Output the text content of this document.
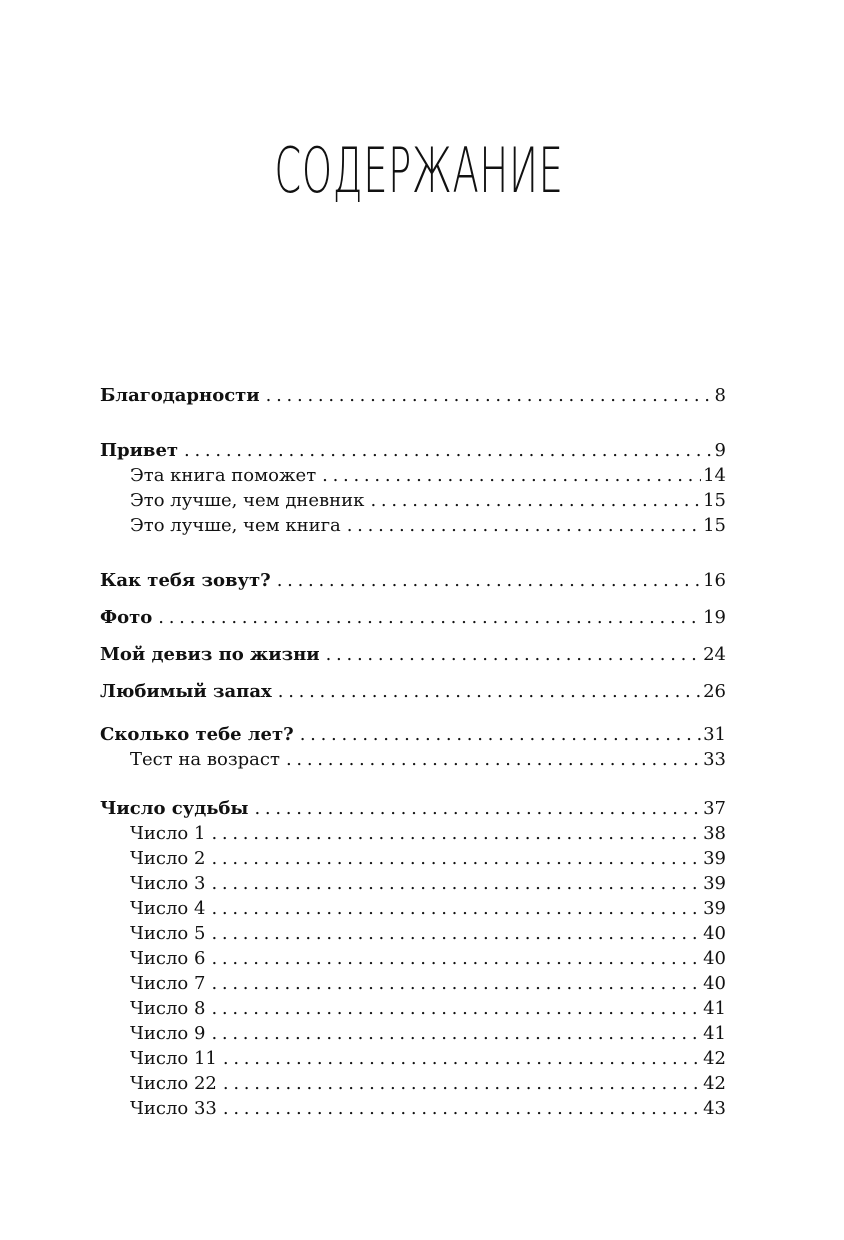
СОДЕРЖАНИЕ
Благодарности . . .	8
Привет . . .	9
Эта книга поможет . . .	14
Это лучше, чем дневник . . .	15
Это лучше, чем книга . . .	15
Как тебя зовут? . . .	16
Фото . . .	19
Мой девиз по жизни . . .	24
Любимый запах . . .	26
Сколько тебе лет? . . .	31
Тест на возраст . . .	33
Число судьбы . . .	37
Число 1 . . .	38
Число 2 . . .	39
Число 3 . . .	39
Число 4 . . .	39
Число 5 . . .	40
Число 6 . . .	40
Число 7 . . .	40
Число 8 . . .	41
Число 9 . . .	41
Число 11 . . .	42
Число 22 . . .	42
Число 33 . . .	43
